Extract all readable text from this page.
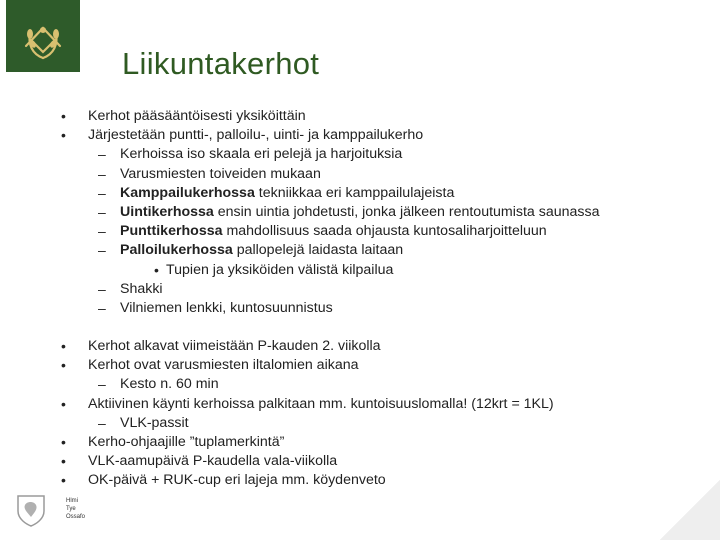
Liikuntakerhot
• Kerhot pääsääntöisesti yksiköittäin
• Järjestetään puntti-, palloilu-, uinti- ja kamppailukerho
– Kerhoissa iso skaala eri pelejä ja harjoituksia
– Varusmiesten toiveiden mukaan
– Kamppailukerhossa tekniikkaa eri kamppailulajeista
– Uintikerhossa ensin uintia johdetusti, jonka jälkeen rentoutumista saunassa
– Punttikerhossa mahdollisuus saada ohjausta kuntosaliharjoitteluun
– Palloilukerhossa pallopelejä laidasta laitaan
• Tupien ja yksiköiden välistä kilpailua
– Shakki
– Vilniemen lenkki, kuntosuunnistus
• Kerhot alkavat viimeistään P-kauden 2. viikolla
• Kerhot ovat varusmiesten iltalomien aikana
– Kesto n. 60 min
• Aktiivinen käynti kerhoissa palkitaan mm. kuntoisuuslomalla! (12krt = 1KL)
– VLK-passit
• Kerho-ohjaajille ”tuplamerkintä”
• VLK-aamupäivä P-kaudella vala-viikolla
• OK-päivä + RUK-cup eri lajeja mm. köydenveto
Hlmi
Tye
Ossafo
